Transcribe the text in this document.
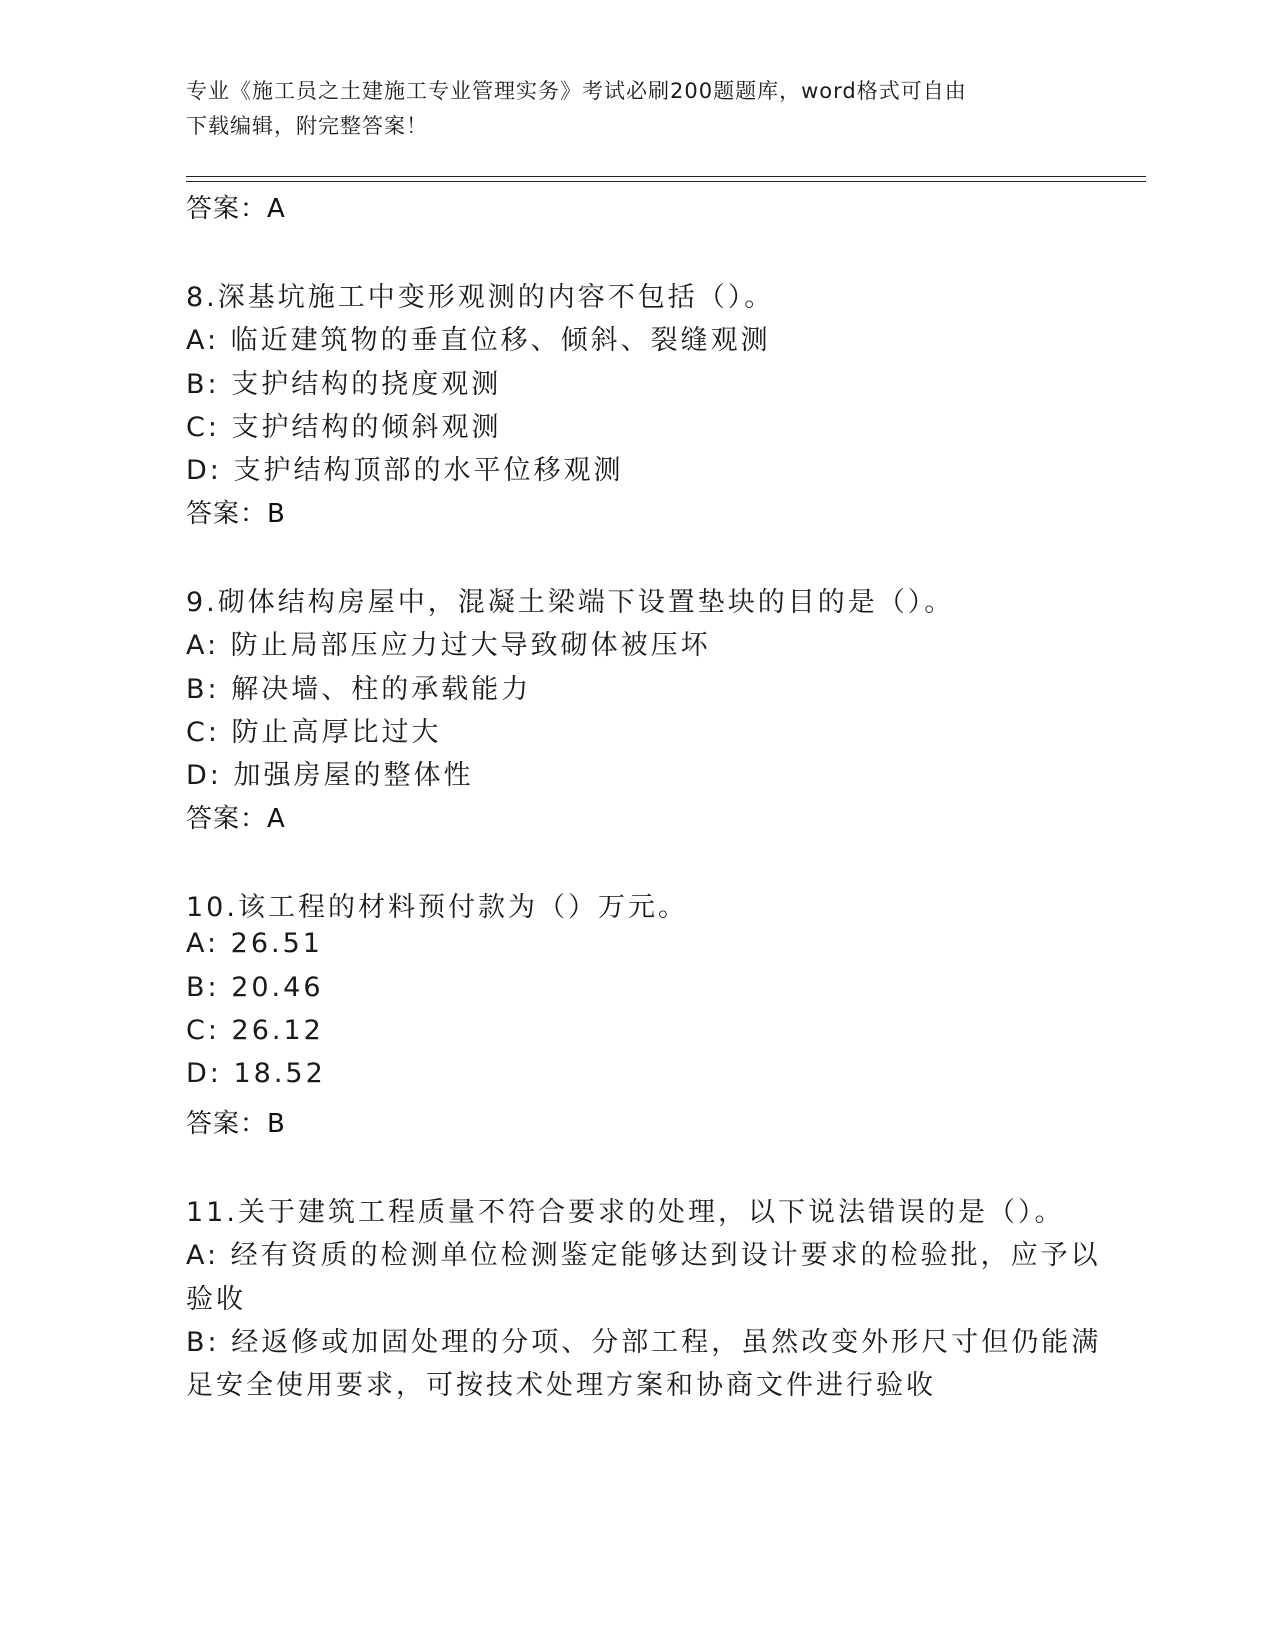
专业《施工员之土建施工专业管理实务》考试必刷200题题库，word格式可自由
下载编辑，附完整答案！
答案：A
8.深基坑施工中变形观测的内容不包括（）。
A: 临近建筑物的垂直位移、倾斜、裂缝观测
B: 支护结构的挠度观测
C: 支护结构的倾斜观测
D: 支护结构顶部的水平位移观测
答案：B
9.砌体结构房屋中，混凝土梁端下设置垫块的目的是（）。
A: 防止局部压应力过大导致砌体被压坏
B: 解决墙、柱的承载能力
C: 防止高厚比过大
D: 加强房屋的整体性
答案：A
10.该工程的材料预付款为（）万元。
A: 26.51
B: 20.46
C: 26.12
D: 18.52
答案：B
11.关于建筑工程质量不符合要求的处理，以下说法错误的是（）。
A: 经有资质的检测单位检测鉴定能够达到设计要求的检验批，应予以
验收
B: 经返修或加固处理的分项、分部工程，虽然改变外形尺寸但仍能满
足安全使用要求，可按技术处理方案和协商文件进行验收
